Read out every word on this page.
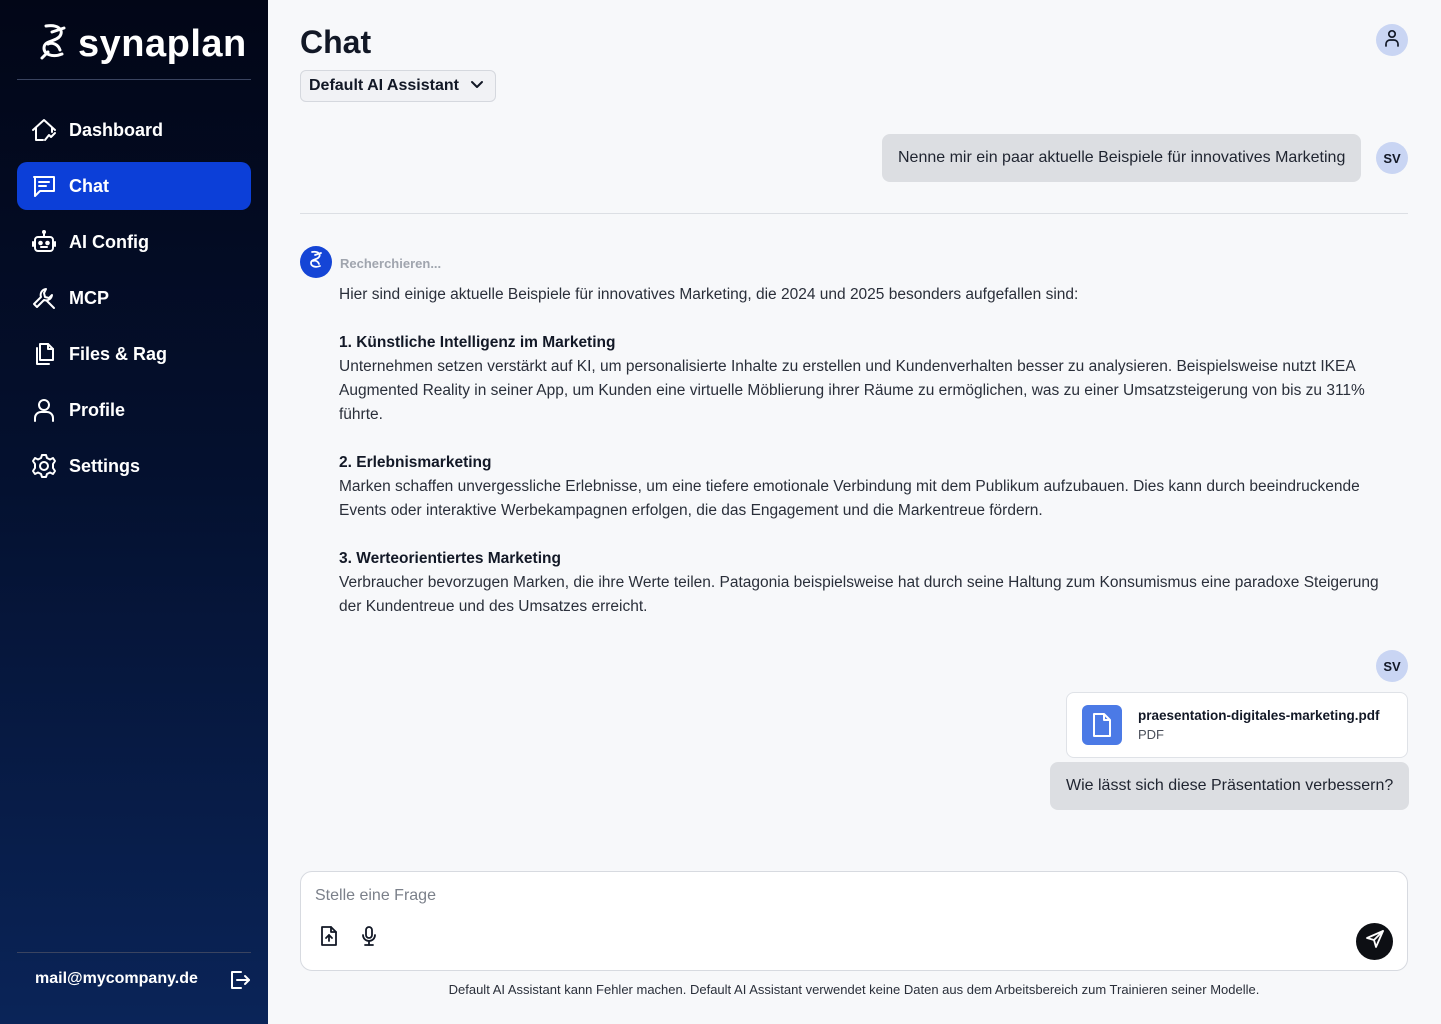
synaplan
Dashboard
Chat
AI Config
MCP
Files & Rag
Profile
Settings
mail@mycompany.de
Chat
Default AI Assistant
Nenne mir ein paar aktuelle Beispiele für innovatives Marketing	SV
Recherchieren...

Hier sind einige aktuelle Beispiele für innovatives Marketing, die 2024 und 2025 besonders aufgefallen sind:

1. Künstliche Intelligenz im Marketing

Unternehmen setzen verstärkt auf KI, um personalisierte Inhalte zu erstellen und Kundenverhalten besser zu analysieren. Beispielsweise nutzt IKEA Augmented Reality in seiner App, um Kunden eine virtuelle Möblierung ihrer Räume zu ermöglichen, was zu einer Umsatzsteigerung von bis zu 311% führte.

2. Erlebnismarketing

Marken schaffen unvergessliche Erlebnisse, um eine tiefere emotionale Verbindung mit dem Publikum aufzubauen. Dies kann durch beeindruckende Events oder interaktive Werbekampagnen erfolgen, die das Engagement und die Markentreue fördern.

3. Werteorientiertes Marketing

Verbraucher bevorzugen Marken, die ihre Werte teilen. Patagonia beispielsweise hat durch seine Haltung zum Konsumismus eine paradoxe Steigerung der Kundentreue und des Umsatzes erreicht.

SV
praesentation-digitales-marketing.pdf
PDF
Wie lässt sich diese Präsentation verbessern?
Stelle eine Frage
Default AI Assistant kann Fehler machen. Default AI Assistant verwendet keine Daten aus dem Arbeitsbereich zum Trainieren seiner Modelle.
